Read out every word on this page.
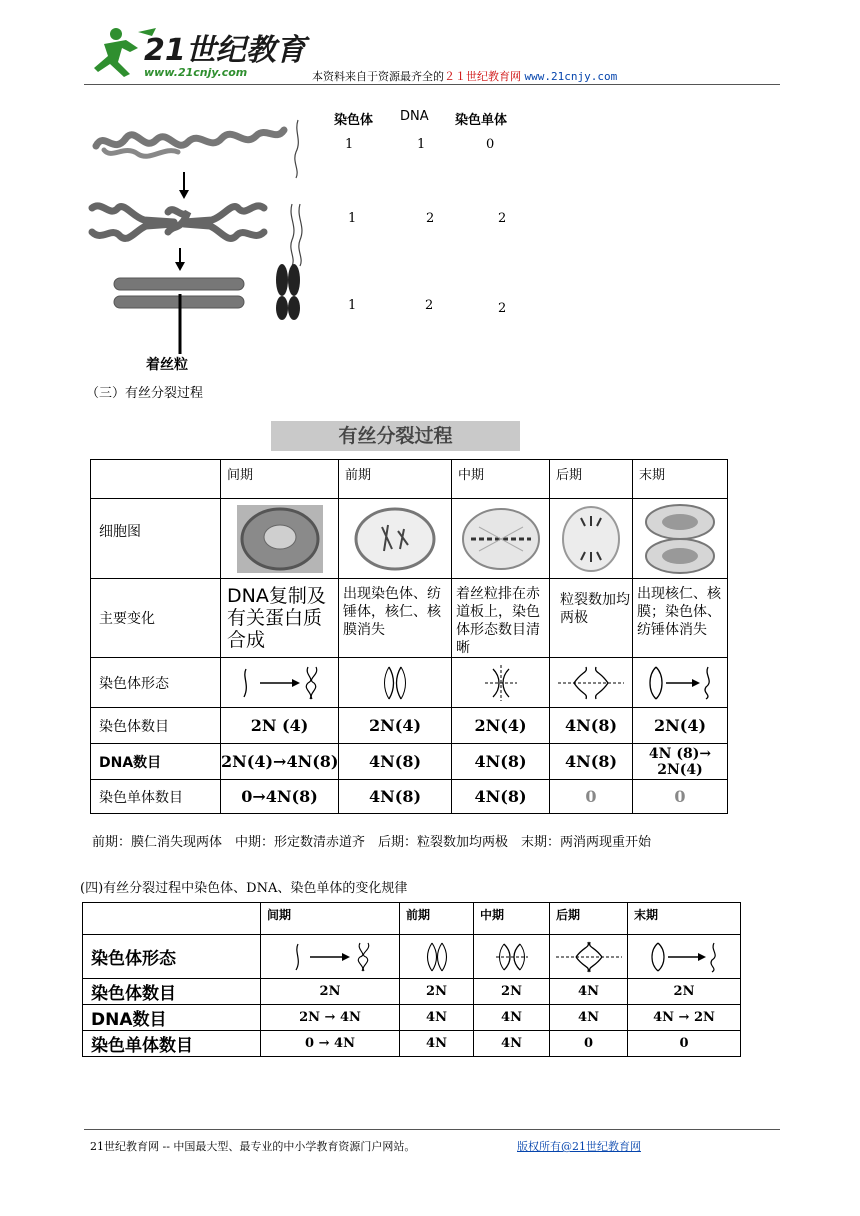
21世纪教育
www.21cnjy.com	本资料来自于资源最齐全的２１世纪教育网 www.21cnjy.com
染色体 DNA 染色单体
1	1	0
1	2	2
1	2	2
着丝粒
（三）有丝分裂过程
有丝分裂过程
	间期	前期	中期	后期	末期
细胞图	

主要变化	DNA复制及有关蛋白质合成	出现染色体、纺锤体，核仁、核膜消失	着丝粒排在赤道板上，染色体形态数目清晰	粒裂数加均两极	出现核仁、核膜；染色体、纺锤体消失
染色体形态	

染色体数目	2N (4)	2N(4)	2N(4)	4N(8)	2N(4)
DNA数目	2N(4)→4N(8)	4N(8)	4N(8)	4N(8)	4N (8)→ 2N(4)
染色单体数目	0→4N(8)	4N(8)	4N(8)	0	0
前期：膜仁消失现两体　中期：形定数清赤道齐　后期：粒裂数加均两极　末期：两消两现重开始
(四)有丝分裂过程中染色体、DNA、染色单体的变化规律
	间期	前期	中期	后期	末期
染色体形态	

染色体数目	2N	2N	2N	4N	2N
DNA数目	2N → 4N	4N	4N	4N	4N → 2N
染色单体数目	0 → 4N	4N	4N	0	0
21世纪教育网 -- 中国最大型、最专业的中小学教育资源门户网站。	版权所有@21世纪教育网
